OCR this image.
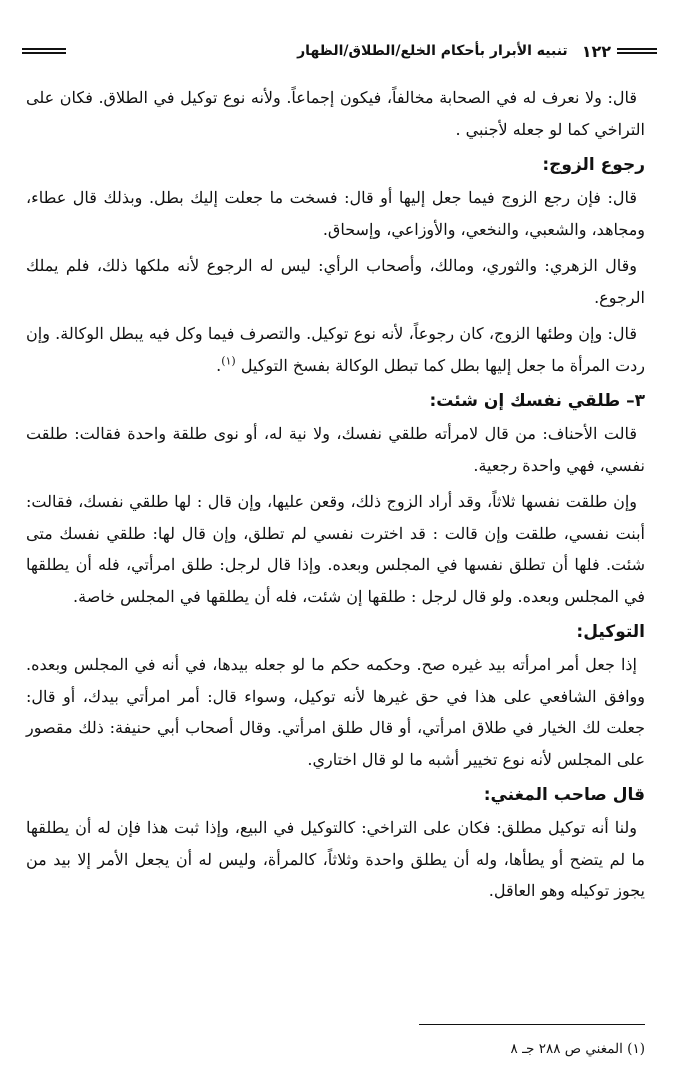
١٢٢
تنبيه الأبرار بأحكام الخلع/الطلاق/الظهار

قال: ولا نعرف له في الصحابة مخالفاً، فيكون إجماعاً. ولأنه نوع توكيل في الطلاق. فكان على التراخي كما لو جعله لأجنبي .

رجوع الزوج:

قال: فإن رجع الزوج فيما جعل إليها أو قال: فسخت ما جعلت إليك بطل. وبذلك قال عطاء، ومجاهد، والشعبي، والنخعي، والأوزاعي، وإسحاق.

وقال الزهري: والثوري، ومالك، وأصحاب الرأي: ليس له الرجوع لأنه ملكها ذلك، فلم يملك الرجوع.

قال: وإن وطئها الزوج، كان رجوعاً، لأنه نوع توكيل. والتصرف فيما وكل فيه يبطل الوكالة. وإن ردت المرأة ما جعل إليها بطل كما تبطل الوكالة بفسخ التوكيل $^{(١)}$.

٣– طلقي نفسك إن شئت:

قالت الأحناف: من قال لامرأته طلقي نفسك، ولا نية له، أو نوى طلقة واحدة فقالت: طلقت نفسي، فهي واحدة رجعية.

وإن طلقت نفسها ثلاثاً، وقد أراد الزوج ذلك، وقعن عليها، وإن قال : لها طلقي نفسك، فقالت: أبنت نفسي، طلقت وإن قالت : قد اخترت نفسي لم تطلق، وإن قال لها: طلقي نفسك متى شئت. فلها أن تطلق نفسها في المجلس وبعده. وإذا قال لرجل: طلق امرأتي، فله أن يطلقها في المجلس وبعده. ولو قال لرجل : طلقها إن شئت، فله أن يطلقها في المجلس خاصة.

التوكيل:

إذا جعل أمر امرأته بيد غيره صح. وحكمه حكم ما لو جعله بيدها، في أنه في المجلس وبعده. ووافق الشافعي على هذا في حق غيرها لأنه توكيل، وسواء قال: أمر امرأتي بيدك، أو قال: جعلت لك الخيار في طلاق امرأتي، أو قال طلق امرأتي. وقال أصحاب أبي حنيفة: ذلك مقصور على المجلس لأنه نوع تخيير أشبه ما لو قال اختاري.

قال صاحب المغني:

ولنا أنه توكيل مطلق: فكان على التراخي: كالتوكيل في البيع، وإذا ثبت هذا فإن له أن يطلقها ما لم يتضح أو يطأها، وله أن يطلق واحدة وثلاثاً، كالمرأة، وليس له أن يجعل الأمر إلا بيد من يجوز توكيله وهو العاقل.

(١) المغني ص ٢٨٨ جـ ٨
